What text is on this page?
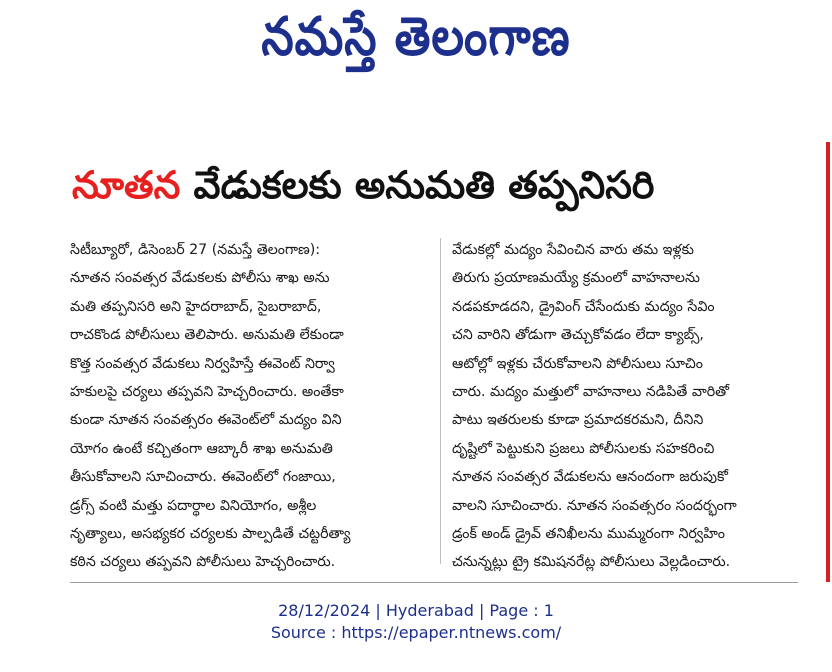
నమస్తే తెలంగాణ
నూతన వేడుకలకు అనుమతి తప్పనిసరి
సిటీబ్యూరో, డిసెంబర్ 27 (నమస్తే తెలంగాణ):
నూతన సంవత్సర వేడుకలకు పోలీసు శాఖ అను
మతి తప్పనిసరి అని హైదరాబాద్, సైబరాబాద్,
రాచకొండ పోలీసులు తెలిపారు. అనుమతి లేకుండా
కొత్త సంవత్సర వేడుకలు నిర్వహిస్తే ఈవెంట్ నిర్వా
హకులపై చర్యలు తప్పవని హెచ్చరించారు. అంతేకా
కుండా నూతన సంవత్సరం ఈవెంట్‌లో మద్యం విని
యోగం ఉంటే కచ్చితంగా ఆబ్కారీ శాఖ అనుమతి
తీసుకోవాలని సూచించారు. ఈవెంట్‌లో గంజాయి,
డ్రగ్స్ వంటి మత్తు పదార్థాల వినియోగం, అశ్లీల
నృత్యాలు, అసభ్యకర చర్యలకు పాల్పడితే చట్టరీత్యా
కఠిన చర్యలు తప్పవని పోలీసులు హెచ్చరించారు.
వేడుకల్లో మద్యం సేవించిన వారు తమ ఇళ్లకు
తిరుగు ప్రయాణమయ్యే క్రమంలో వాహనాలను
నడపకూడదని, డ్రైవింగ్ చేసేందుకు మద్యం సేవిం
చని వారిని తోడుగా తెచ్చుకోవడం లేదా క్యాబ్స్,
ఆటోల్లో ఇళ్లకు చేరుకోవాలని పోలీసులు సూచిం
చారు. మద్యం మత్తులో వాహనాలు నడిపితే వారితో
పాటు ఇతరులకు కూడా ప్రమాదకరమని, దీనిని
దృష్టిలో పెట్టుకుని ప్రజలు పోలీసులకు సహకరించి
నూతన సంవత్సర వేడుకలను ఆనందంగా జరుపుకో
వాలని సూచించారు. నూతన సంవత్సరం సందర్భంగా
డ్రంక్ అండ్ డ్రైవ్ తనిఖీలను ముమ్మరంగా నిర్వహిం
చనున్నట్లు ట్రై కమిషనరేట్ల పోలీసులు వెల్లడించారు.
28/12/2024 | Hyderabad | Page : 1
Source : https://epaper.ntnews.com/
